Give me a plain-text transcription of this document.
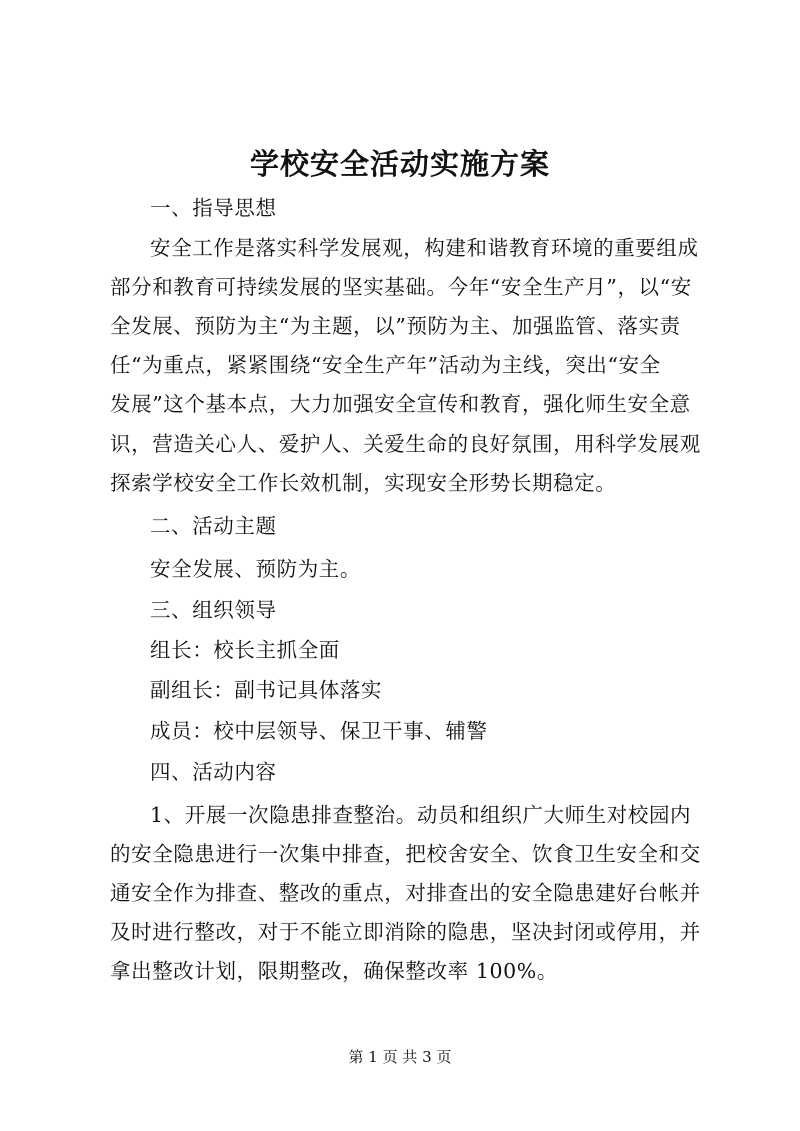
学校安全活动实施方案
一、指导思想
安全工作是落实科学发展观，构建和谐教育环境的重要组成
部分和教育可持续发展的坚实基础。今年“安全生产月”，以“安
全发展、预防为主“为主题，以”预防为主、加强监管、落实责
任“为重点，紧紧围绕“安全生产年”活动为主线，突出“安全
发展”这个基本点，大力加强安全宣传和教育，强化师生安全意
识，营造关心人、爱护人、关爱生命的良好氛围，用科学发展观
探索学校安全工作长效机制，实现安全形势长期稳定。
二、活动主题
安全发展、预防为主。
三、组织领导
组长：校长主抓全面
副组长：副书记具体落实
成员：校中层领导、保卫干事、辅警
四、活动内容
1、开展一次隐患排查整治。动员和组织广大师生对校园内
的安全隐患进行一次集中排查，把校舍安全、饮食卫生安全和交
通安全作为排查、整改的重点，对排查出的安全隐患建好台帐并
及时进行整改，对于不能立即消除的隐患，坚决封闭或停用，并
拿出整改计划，限期整改，确保整改率 100%。
第 1 页 共 3 页
